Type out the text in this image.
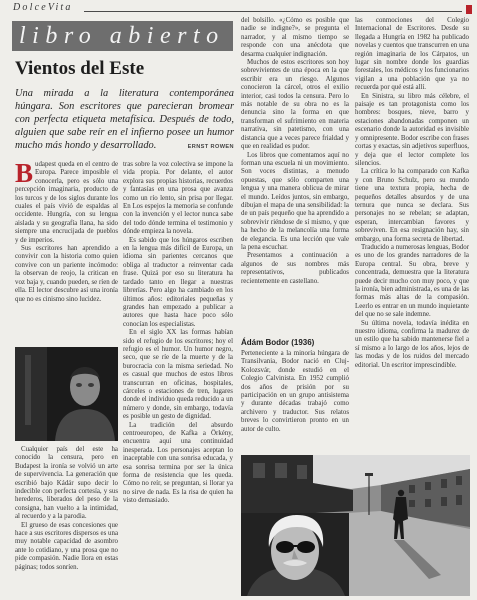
DolceVita
libro abierto
Vientos del Este
Una mirada a la literatura contemporánea húngara. Son escritores que parecieran bromear con perfecta etiqueta metafísica. Después de todo, alguien que sabe reír en el infierno posee un humor mucho más hondo y desarrollado.	ERNST ROWEN

Budapest queda en el centro de Europa. Parece imposible el conocerla, pero es sólo una percepción imaginaria, producto de los turcos y de los siglos durante los cuales el país vivió de espaldas al occidente. Hungría, con su lengua aislada y su geografía llana, ha sido siempre una encrucijada de pueblos y de imperios.

Sus escritores han aprendido a convivir con la historia como quien convive con un pariente incómodo: la observan de reojo, la critican en voz baja y, cuando pueden, se ríen de ella. El lector descubre así una ironía que no es cinismo sino lucidez.

Cualquier país del este ha conocido la censura, pero en Budapest la ironía se volvió un arte de supervivencia. La generación que escribió bajo Kádár supo decir lo indecible con perfecta cortesía, y sus herederos, liberados del peso de la consigna, han vuelto a la intimidad, al recuerdo y a la parodia.

El grueso de esas concesiones que hace a sus escritores dispersos es una muy notable capacidad de asombro ante lo cotidiano, y una prosa que no pide compasión. Nadie llora en estas páginas; todos sonríen.

tras sobre la voz colectiva se impone la vida propia. Por delante, el autor explora sus propias historias, recuerdos y fantasías en una prosa que avanza como un río lento, sin prisa por llegar. En Los espejos la memoria se confunde con la invención y el lector nunca sabe del todo dónde termina el testimonio y dónde empieza la novela.

Es sabido que los húngaros escriben en la lengua más difícil de Europa, un idioma sin parientes cercanos que obliga al traductor a reinventar cada frase. Quizá por eso su literatura ha tardado tanto en llegar a nuestras librerías. Pero algo ha cambiado en los últimos años: editoriales pequeñas y grandes han empezado a publicar a autores que hasta hace poco sólo conocían los especialistas.

En el siglo XX las formas habían sido el refugio de los escritores; hoy el refugio es el humor. Un humor negro, seco, que se ríe de la muerte y de la burocracia con la misma seriedad. No es casual que muchos de estos libros transcurran en oficinas, hospitales, cárceles o estaciones de tren, lugares donde el individuo queda reducido a un número y donde, sin embargo, todavía es posible un gesto de dignidad.

La tradición del absurdo centroeuropeo, de Kafka a Örkény, encuentra aquí una continuidad inesperada. Los personajes aceptan lo inaceptable con una sonrisa educada, y esa sonrisa termina por ser la única forma de resistencia que les queda. Cómo no reír, se preguntan, si llorar ya no sirve de nada. Es la risa de quien ha visto demasiado.

del bolsillo. «¿Cómo es posible que nadie se indigne?», se pregunta el narrador, y al mismo tiempo se responde con una anécdota que desarma cualquier indignación.

Muchos de estos escritores son hoy sobrevivientes de una época en la que escribir era un riesgo. Algunos conocieron la cárcel, otros el exilio interior, casi todos la censura. Pero lo más notable de su obra no es la denuncia sino la forma en que transforman el sufrimiento en materia narrativa, sin patetismo, con una distancia que a veces parece frialdad y que en realidad es pudor.

Los libros que comentamos aquí no forman una escuela ni un movimiento. Son voces distintas, a menudo opuestas, que sólo comparten una lengua y una manera oblicua de mirar el mundo. Leídos juntos, sin embargo, dibujan el mapa de una sensibilidad: la de un país pequeño que ha aprendido a sobrevivir riéndose de sí mismo, y que ha hecho de la melancolía una forma de elegancia. Es una lección que vale la pena escuchar.

Presentamos a continuación a algunos de sus nombres más representativos, publicados recientemente en castellano.

Ádám Bodor (1936)

Perteneciente a la minoría húngara de Transilvania, Bodor nació en Cluj-Kolozsvár, donde estudió en el Colegio Calvinista. En 1952 cumplió dos años de prisión por su participación en un grupo antisistema y durante décadas trabajó como archivero y traductor. Sus relatos breves lo convirtieron pronto en un autor de culto.

las conmociones del Colegio Internacional de Escritores. Desde su llegada a Hungría en 1982 ha publicado novelas y cuentos que transcurren en una región imaginaria de los Cárpatos, un lugar sin nombre donde los guardias forestales, los médicos y los funcionarios vigilan a una población que ya no recuerda por qué está allí.

En Sinistra, su libro más célebre, el paisaje es tan protagonista como los hombres: bosques, nieve, barro y estaciones abandonadas componen un escenario donde la autoridad es invisible y omnipresente. Bodor escribe con frases cortas y exactas, sin adjetivos superfluos, y deja que el lector complete los silencios.

La crítica lo ha comparado con Kafka y con Bruno Schulz, pero su mundo tiene una textura propia, hecha de pequeños detalles absurdos y de una ternura que nunca se declara. Sus personajes no se rebelan; se adaptan, esperan, intercambian favores y sobreviven. En esa resignación hay, sin embargo, una forma secreta de libertad.

Traducido a numerosas lenguas, Bodor es uno de los grandes narradores de la Europa central. Su obra, breve y concentrada, demuestra que la literatura puede decir mucho con muy poco, y que la ironía, bien administrada, es una de las formas más altas de la compasión. Leerlo es entrar en un mundo inquietante del que no se sale indemne.

Su última novela, todavía inédita en nuestro idioma, confirma la madurez de un estilo que ha sabido mantenerse fiel a sí mismo a lo largo de los años, lejos de las modas y de los ruidos del mercado editorial. Un escritor imprescindible.
